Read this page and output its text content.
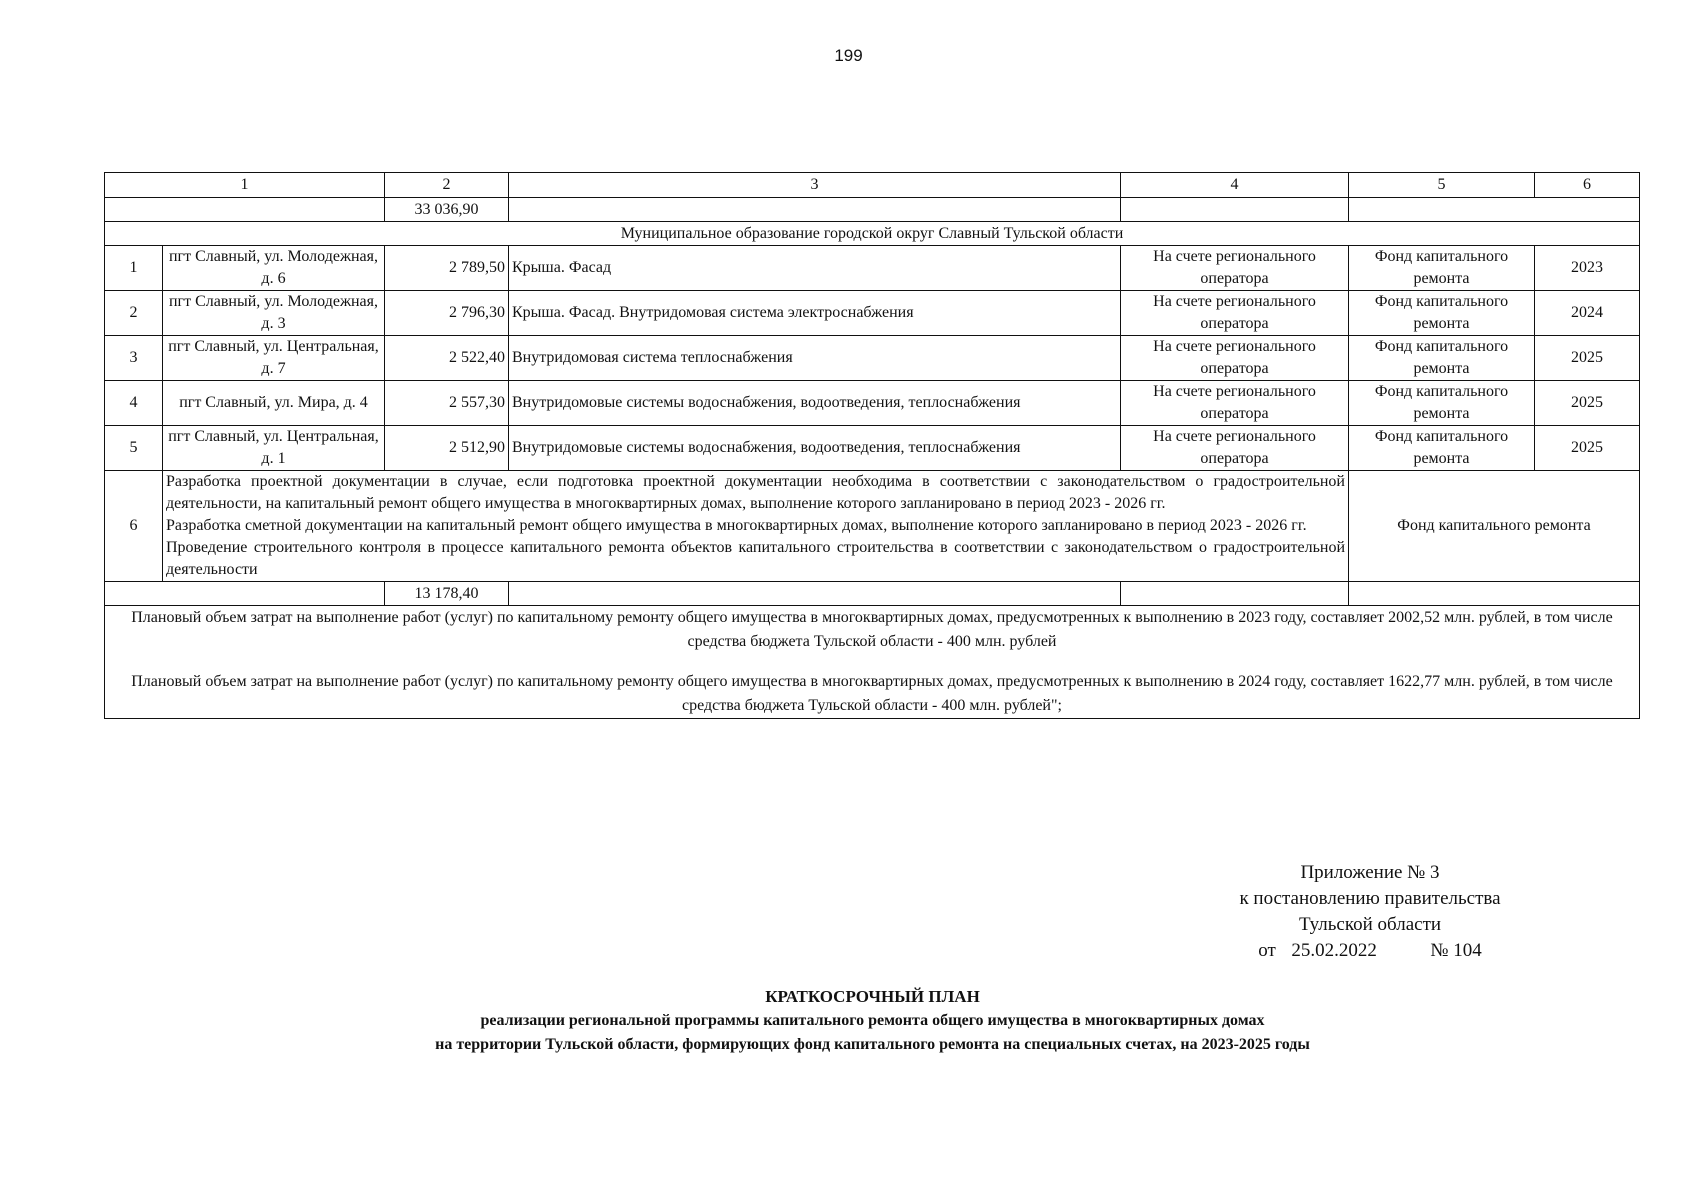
199
1		2	3	4	5	6
		33 036,90				
Муниципальное образование городской округ Славный Тульской области						
1	пгт Славный, ул. Молодежная, д. 6	2 789,50	Крыша. Фасад	На счете регионального оператора	Фонд капитального ремонта	2023
2	пгт Славный, ул. Молодежная, д. 3	2 796,30	Крыша. Фасад. Внутридомовая система электроснабжения	На счете регионального оператора	Фонд капитального ремонта	2024
3	пгт Славный, ул. Центральная, д. 7	2 522,40	Внутридомовая система теплоснабжения	На счете регионального оператора	Фонд капитального ремонта	2025
4	пгт Славный, ул. Мира, д. 4	2 557,30	Внутридомовые системы водоснабжения, водоотведения, теплоснабжения	На счете регионального оператора	Фонд капитального ремонта	2025
5	пгт Славный, ул. Центральная, д. 1	2 512,90	Внутридомовые системы водоснабжения, водоотведения, теплоснабжения	На счете регионального оператора	Фонд капитального ремонта	2025
6	Разработка проектной документации в случае, если подготовка проектной документации необходима в соответствии с законодательством о градостроительной деятельности, на капитальный ремонт общего имущества в многоквартирных домах, выполнение которого запланировано в период 2023 - 2026 гг.
Разработка сметной документации на капитальный ремонт общего имущества в многоквартирных домах, выполнение которого запланировано в период 2023 - 2026 гг.
Проведение строительного контроля в процессе капитального ремонта объектов капитального строительства в соответствии с законодательством о градостроительной деятельности				Фонд капитального ремонта	
		13 178,40				

Плановый объем затрат на выполнение работ (услуг) по капитальному ремонту общего имущества в многоквартирных домах, предусмотренных к выполнению в 2023 году, составляет 2002,52 млн. рублей, в том числе средства бюджета Тульской области - 400 млн. рублей

Плановый объем затрат на выполнение работ (услуг) по капитальному ремонту общего имущества в многоквартирных домах, предусмотренных к выполнению в 2024 году, составляет 1622,77 млн. рублей, в том числе средства бюджета Тульской области - 400 млн. рублей";						

Приложение № 3
к постановлению правительства
Тульской области
от 25.02.2022	№ 104
КРАТКОСРОЧНЫЙ ПЛАН
реализации региональной программы капитального ремонта общего имущества в многоквартирных домах
на территории Тульской области, формирующих фонд капитального ремонта на специальных счетах, на 2023-2025 годы
